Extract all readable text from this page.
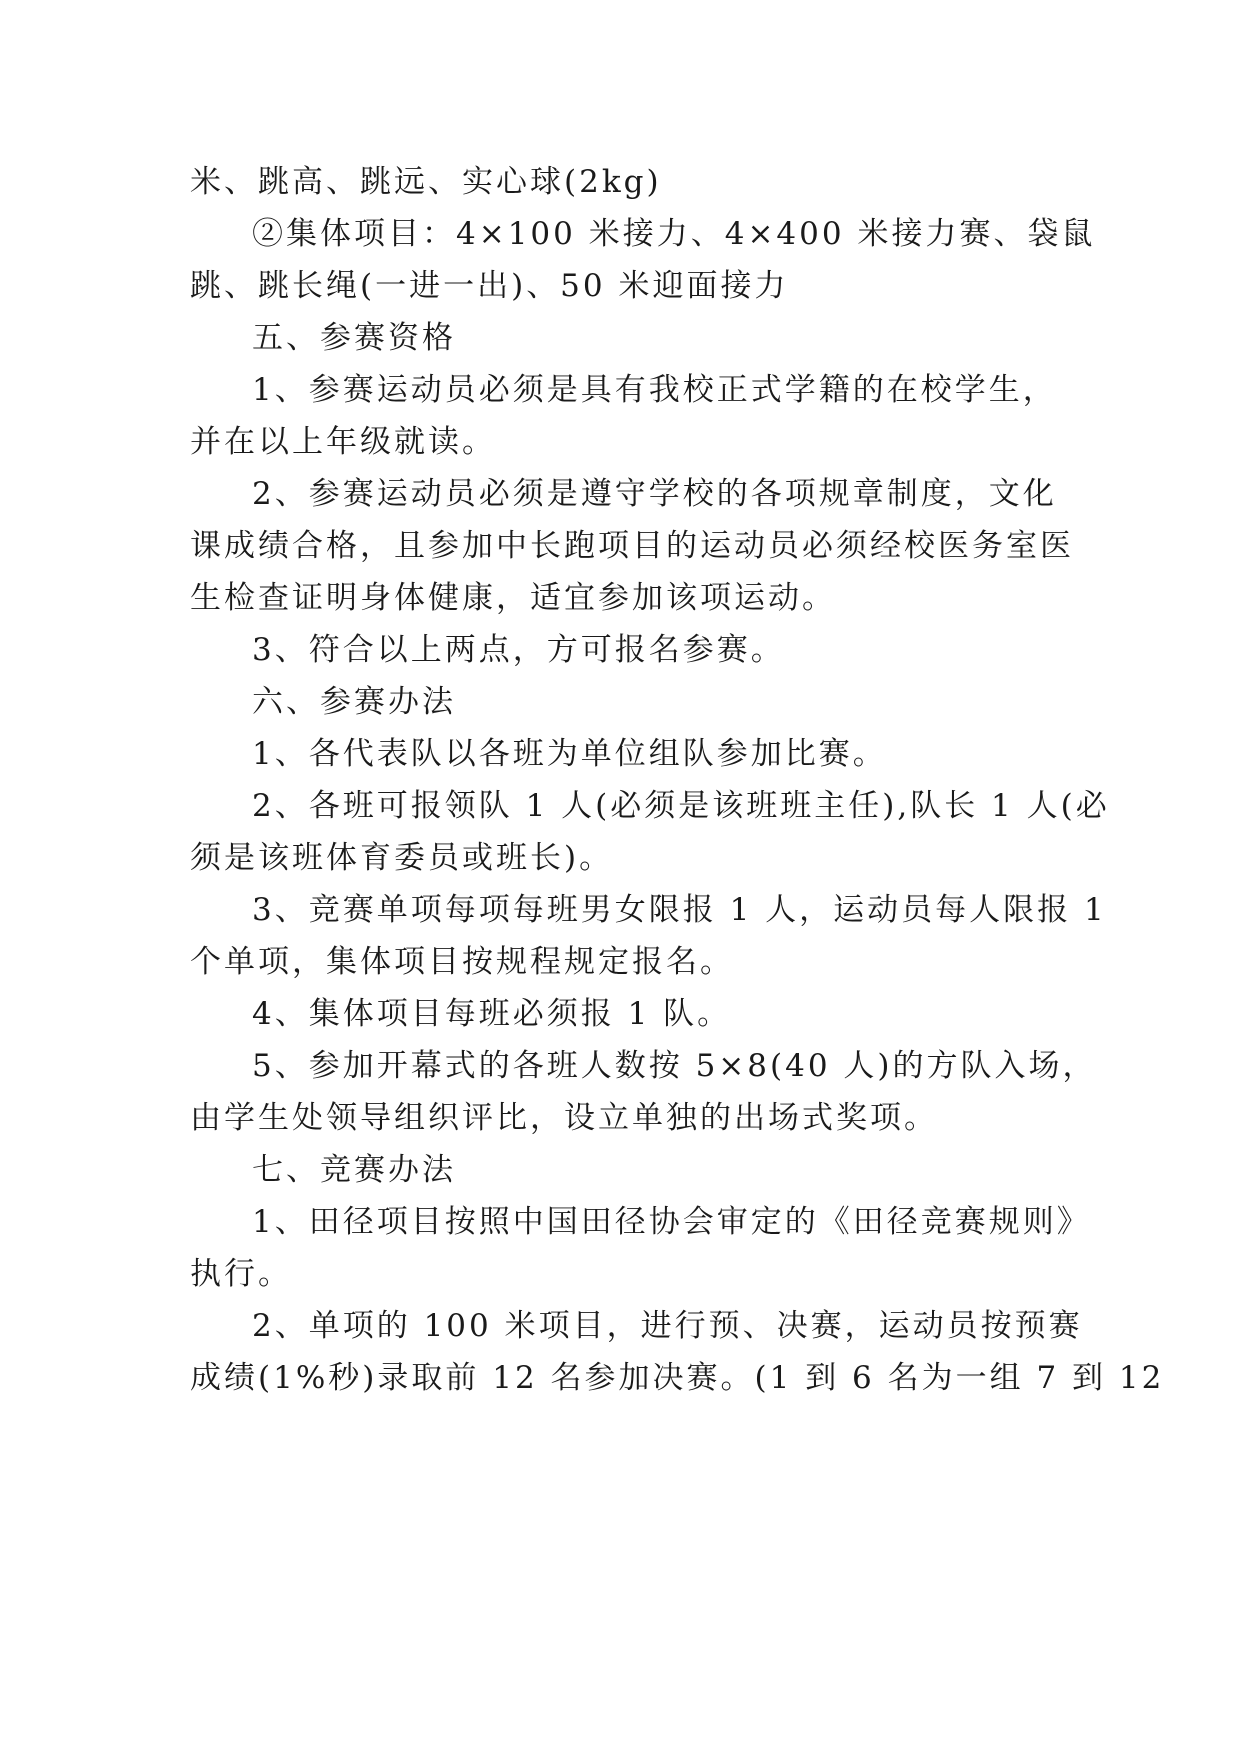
米、跳高、跳远、实心球(2kg)
②集体项目：4×100 米接力、4×400 米接力赛、袋鼠
跳、跳长绳(一进一出)、50 米迎面接力
五、参赛资格
1、参赛运动员必须是具有我校正式学籍的在校学生，
并在以上年级就读。
2、参赛运动员必须是遵守学校的各项规章制度，文化
课成绩合格，且参加中长跑项目的运动员必须经校医务室医
生检查证明身体健康，适宜参加该项运动。
3、符合以上两点，方可报名参赛。
六、参赛办法
1、各代表队以各班为单位组队参加比赛。
2、各班可报领队 1 人(必须是该班班主任),队长 1 人(必
须是该班体育委员或班长)。
3、竞赛单项每项每班男女限报 1 人，运动员每人限报 1
个单项，集体项目按规程规定报名。
4、集体项目每班必须报 1 队。
5、参加开幕式的各班人数按 5×8(40 人)的方队入场，
由学生处领导组织评比，设立单独的出场式奖项。
七、竞赛办法
1、田径项目按照中国田径协会审定的《田径竞赛规则》
执行。
2、单项的 100 米项目，进行预、决赛，运动员按预赛
成绩(1%秒)录取前 12 名参加决赛。(1 到 6 名为一组 7 到 12
